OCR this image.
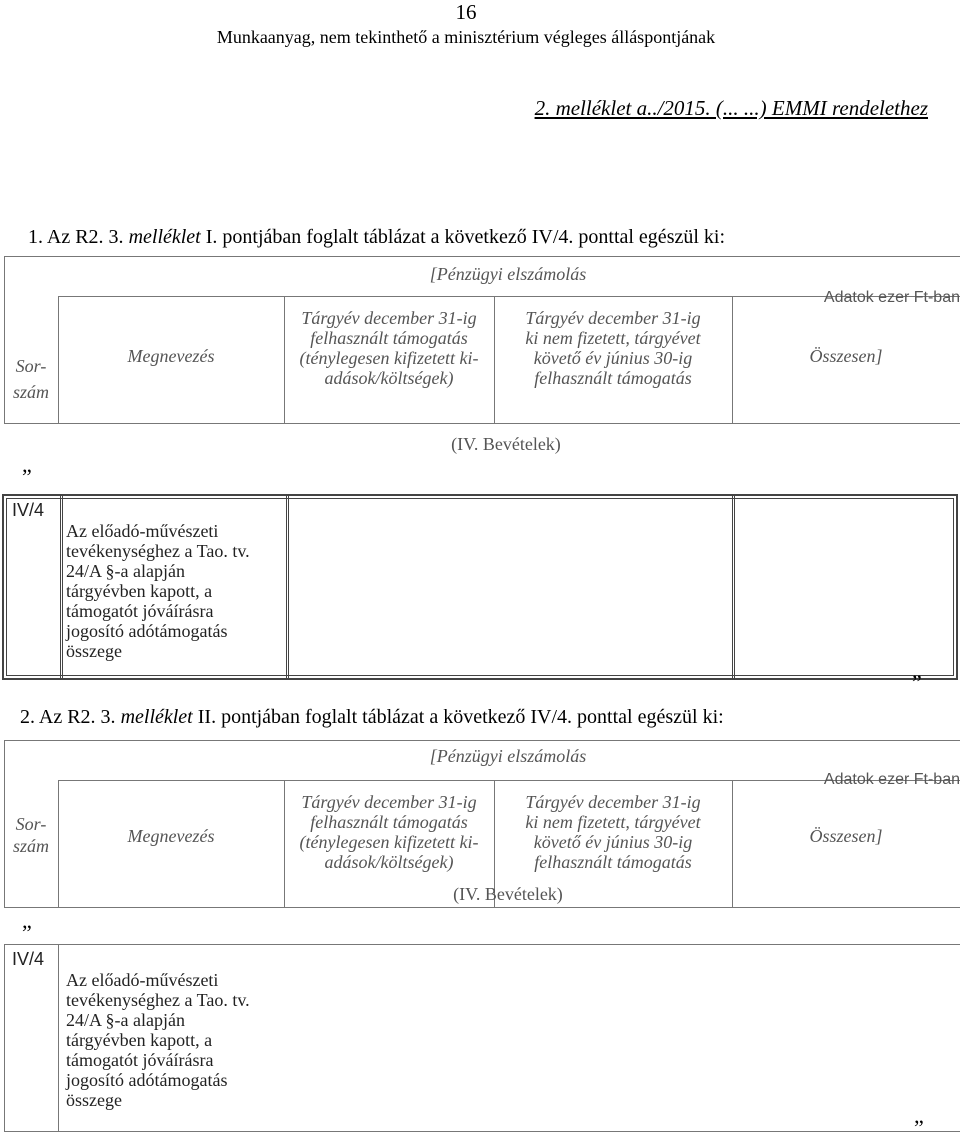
16
Munkaanyag, nem tekinthető a minisztérium végleges álláspontjának
2. melléklet a../2015. (... ...) EMMI rendelethez
1. Az R2. 3. melléklet I. pontjában foglalt táblázat a következő IV/4. ponttal egészül ki:
[Pénzügyi elszámolás
Adatok ezer Ft-ban
Sor-
szám
Megnevezés
Tárgyév december 31-ig
felhasznált támogatás
(ténylegesen kifizetett ki-
adások/költségek)
Tárgyév december 31-ig
ki nem fizetett, tárgyévet
követő év június 30-ig
felhasznált támogatás
Összesen]
(IV. Bevételek)
„
IV/4
Az előadó-művészeti
tevékenységhez a Tao. tv.
24/A §-a alapján
tárgyévben kapott, a
támogatót jóváírásra
jogosító adótámogatás
összege
”
2. Az R2. 3. melléklet II. pontjában foglalt táblázat a következő IV/4. ponttal egészül ki:
[Pénzügyi elszámolás
Adatok ezer Ft-ban
Sor-
szám	Megnevezés
Tárgyév december 31-ig
felhasznált támogatás
(ténylegesen kifizetett ki-
adások/költségek)
Tárgyév december 31-ig
ki nem fizetett, tárgyévet
követő év június 30-ig
felhasznált támogatás
Összesen]
(IV. Bevételek)
„
IV/4
Az előadó-művészeti
tevékenységhez a Tao. tv.
24/A §-a alapján
tárgyévben kapott, a
támogatót jóváírásra
jogosító adótámogatás
összege
”
